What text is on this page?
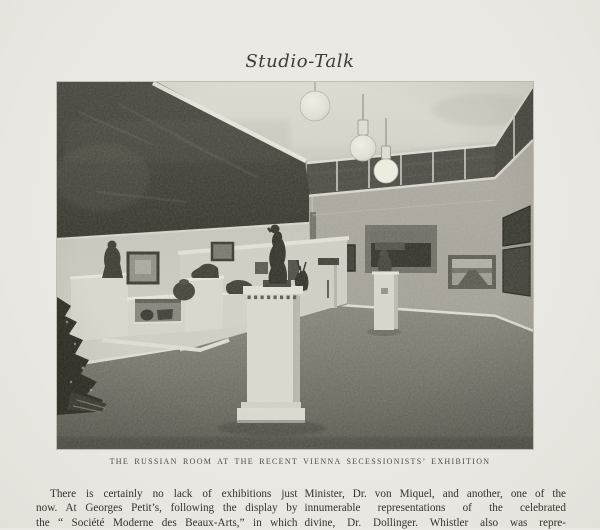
Studio-Talk
THE RUSSIAN ROOM AT THE RECENT VIENNA SECESSIONISTS’ EXHIBITION
There is certainly no lack of exhibitions just
now. At Georges Petit’s, following the display by
the “ Société Moderne des Beaux-Arts,” in which
Minister, Dr. von Miquel, and another, one of the
innumerable representations of the celebrated
divine, Dr. Dollinger. Whistler also was repre-
